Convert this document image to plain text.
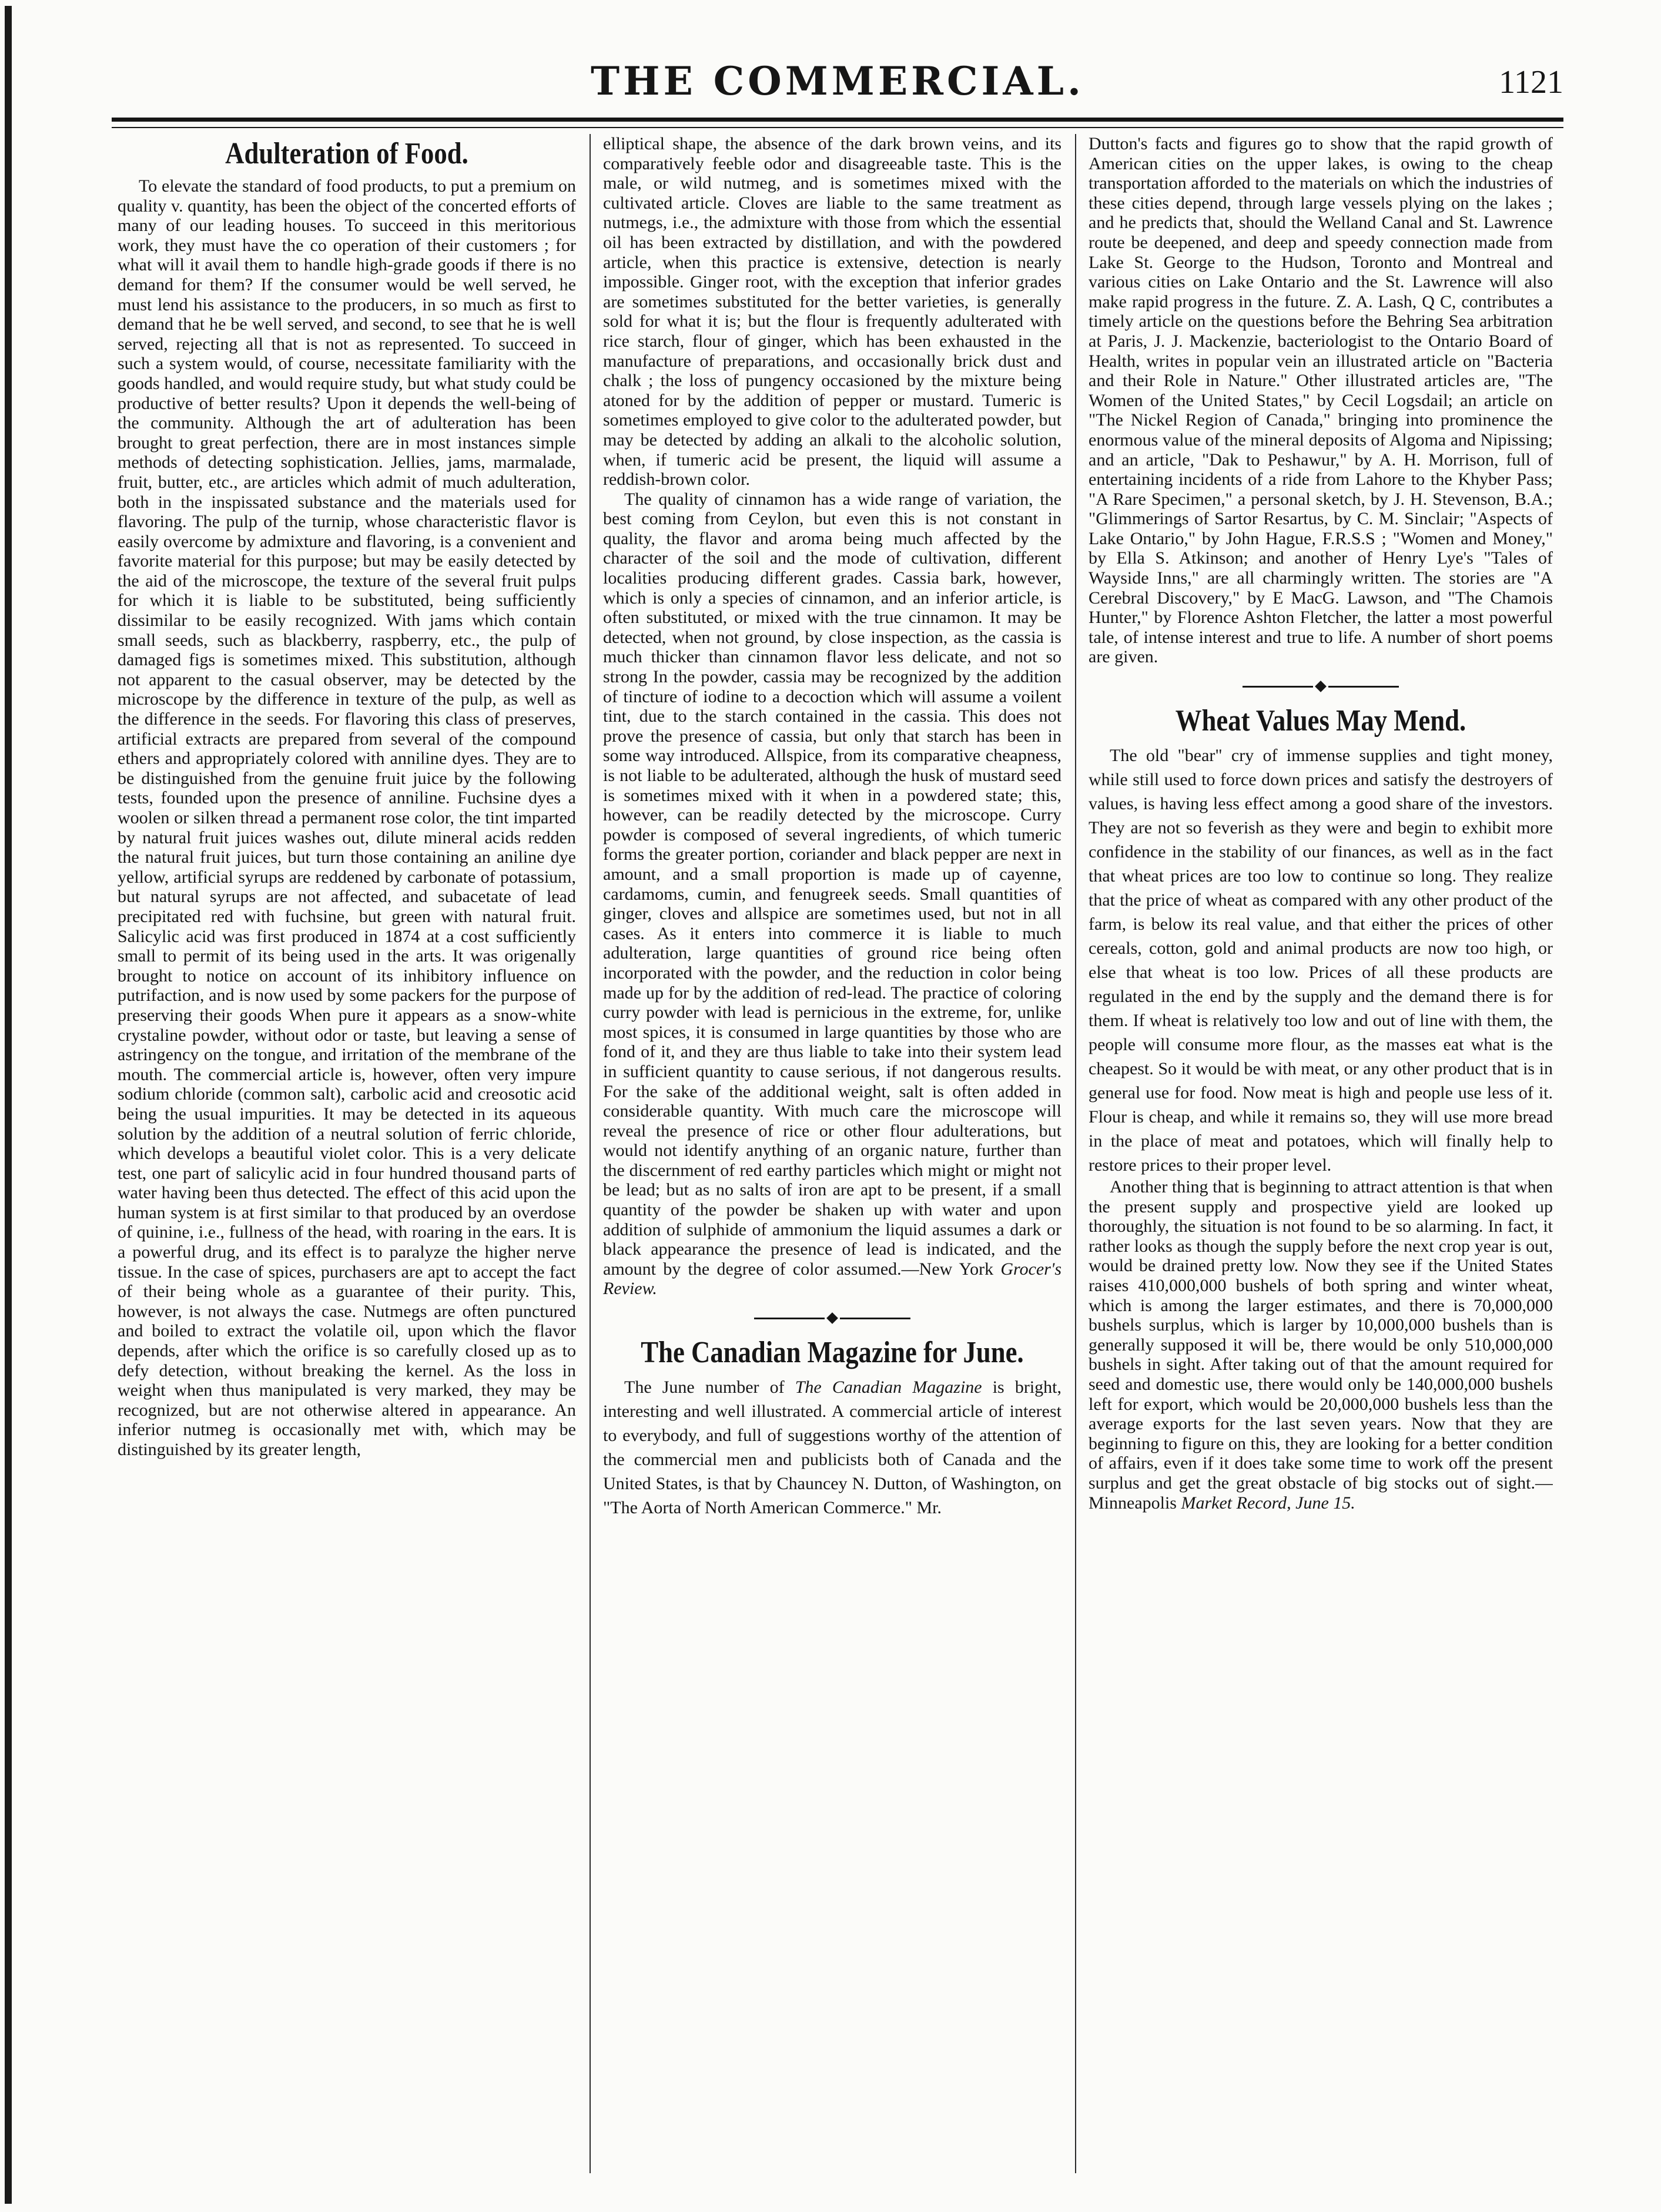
THE COMMERCIAL.	1121
Adulteration of Food.

To elevate the standard of food products, to put a premium on quality v. quantity, has been the object of the concerted efforts of many of our leading houses. To succeed in this meritorious work, they must have the co operation of their customers ; for what will it avail them to handle high-grade goods if there is no demand for them? If the consumer would be well served, he must lend his assistance to the producers, in so much as first to demand that he be well served, and second, to see that he is well served, rejecting all that is not as represented. To succeed in such a system would, of course, necessitate familiarity with the goods handled, and would require study, but what study could be productive of better results? Upon it depends the well-being of the community. Although the art of adulteration has been brought to great perfection, there are in most instances simple methods of detecting sophistication. Jellies, jams, marmalade, fruit, butter, etc., are articles which admit of much adulteration, both in the inspissated substance and the materials used for flavoring. The pulp of the turnip, whose characteristic flavor is easily overcome by admixture and flavoring, is a convenient and favorite material for this purpose; but may be easily detected by the aid of the microscope, the texture of the several fruit pulps for which it is liable to be substituted, being sufficiently dissimilar to be easily recognized. With jams which contain small seeds, such as blackberry, raspberry, etc., the pulp of damaged figs is sometimes mixed. This substitution, although not apparent to the casual observer, may be detected by the microscope by the difference in texture of the pulp, as well as the difference in the seeds. For flavoring this class of preserves, artificial extracts are prepared from several of the compound ethers and appropriately colored with anniline dyes. They are to be distinguished from the genuine fruit juice by the following tests, founded upon the presence of anniline. Fuchsine dyes a woolen or silken thread a permanent rose color, the tint imparted by natural fruit juices washes out, dilute mineral acids redden the natural fruit juices, but turn those containing an aniline dye yellow, artificial syrups are reddened by carbonate of potassium, but natural syrups are not affected, and subacetate of lead precipitated red with fuchsine, but green with natural fruit. Salicylic acid was first produced in 1874 at a cost sufficiently small to permit of its being used in the arts. It was origenally brought to notice on account of its inhibitory influence on putrifaction, and is now used by some packers for the purpose of preserving their goods When pure it appears as a snow-white crystaline powder, without odor or taste, but leaving a sense of astringency on the tongue, and irritation of the membrane of the mouth. The commercial article is, however, often very impure sodium chloride (common salt), carbolic acid and creosotic acid being the usual impurities. It may be detected in its aqueous solution by the addition of a neutral solution of ferric chloride, which develops a beautiful violet color. This is a very delicate test, one part of salicylic acid in four hundred thousand parts of water having been thus detected. The effect of this acid upon the human system is at first similar to that produced by an overdose of quinine, i.e., fullness of the head, with roaring in the ears. It is a powerful drug, and its effect is to paralyze the higher nerve tissue. In the case of spices, purchasers are apt to accept the fact of their being whole as a guarantee of their purity. This, however, is not always the case. Nutmegs are often punctured and boiled to extract the volatile oil, upon which the flavor depends, after which the orifice is so carefully closed up as to defy detection, without breaking the kernel. As the loss in weight when thus manipulated is very marked, they may be recognized, but are not otherwise altered in appearance. An inferior nutmeg is occasionally met with, which may be distinguished by its greater length,

elliptical shape, the absence of the dark brown veins, and its comparatively feeble odor and disagreeable taste. This is the male, or wild nutmeg, and is sometimes mixed with the cultivated article. Cloves are liable to the same treatment as nutmegs, i.e., the admixture with those from which the essential oil has been extracted by distillation, and with the powdered article, when this practice is extensive, detection is nearly impossible. Ginger root, with the exception that inferior grades are sometimes substituted for the better varieties, is generally sold for what it is; but the flour is frequently adulterated with rice starch, flour of ginger, which has been exhausted in the manufacture of preparations, and occasionally brick dust and chalk ; the loss of pungency occasioned by the mixture being atoned for by the addition of pepper or mustard. Tumeric is sometimes employed to give color to the adulterated powder, but may be detected by adding an alkali to the alcoholic solution, when, if tumeric acid be present, the liquid will assume a reddish-brown color.

The quality of cinnamon has a wide range of variation, the best coming from Ceylon, but even this is not constant in quality, the flavor and aroma being much affected by the character of the soil and the mode of cultivation, different localities producing different grades. Cassia bark, however, which is only a species of cinnamon, and an inferior article, is often substituted, or mixed with the true cinnamon. It may be detected, when not ground, by close inspection, as the cassia is much thicker than cinnamon flavor less delicate, and not so strong In the powder, cassia may be recognized by the addition of tincture of iodine to a decoction which will assume a voilent tint, due to the starch contained in the cassia. This does not prove the presence of cassia, but only that starch has been in some way introduced. Allspice, from its comparative cheapness, is not liable to be adulterated, although the husk of mustard seed is sometimes mixed with it when in a powdered state; this, however, can be readily detected by the microscope. Curry powder is composed of several ingredients, of which tumeric forms the greater portion, coriander and black pepper are next in amount, and a small proportion is made up of cayenne, cardamoms, cumin, and fenugreek seeds. Small quantities of ginger, cloves and allspice are sometimes used, but not in all cases. As it enters into commerce it is liable to much adulteration, large quantities of ground rice being often incorporated with the powder, and the reduction in color being made up for by the addition of red-lead. The practice of coloring curry powder with lead is pernicious in the extreme, for, unlike most spices, it is consumed in large quantities by those who are fond of it, and they are thus liable to take into their system lead in sufficient quantity to cause serious, if not dangerous results. For the sake of the additional weight, salt is often added in considerable quantity. With much care the microscope will reveal the presence of rice or other flour adulterations, but would not identify anything of an organic nature, further than the discernment of red earthy particles which might or might not be lead; but as no salts of iron are apt to be present, if a small quantity of the powder be shaken up with water and upon addition of sulphide of ammonium the liquid assumes a dark or black appearance the presence of lead is indicated, and the amount by the degree of color assumed.—New York Grocer's Review.

The Canadian Magazine for June.

The June number of The Canadian Magazine is bright, interesting and well illustrated. A commercial article of interest to everybody, and full of suggestions worthy of the attention of the commercial men and publicists both of Canada and the United States, is that by Chauncey N. Dutton, of Washington, on "The Aorta of North American Commerce." Mr.

Dutton's facts and figures go to show that the rapid growth of American cities on the upper lakes, is owing to the cheap transportation afforded to the materials on which the industries of these cities depend, through large vessels plying on the lakes ; and he predicts that, should the Welland Canal and St. Lawrence route be deepened, and deep and speedy connection made from Lake St. George to the Hudson, Toronto and Montreal and various cities on Lake Ontario and the St. Lawrence will also make rapid progress in the future. Z. A. Lash, Q C, contributes a timely article on the questions before the Behring Sea arbitration at Paris, J. J. Mackenzie, bacteriologist to the Ontario Board of Health, writes in popular vein an illustrated article on "Bacteria and their Role in Nature." Other illustrated articles are, "The Women of the United States," by Cecil Logsdail; an article on "The Nickel Region of Canada," bringing into prominence the enormous value of the mineral deposits of Algoma and Nipissing; and an article, "Dak to Peshawur," by A. H. Morrison, full of entertaining incidents of a ride from Lahore to the Khyber Pass; "A Rare Specimen," a personal sketch, by J. H. Stevenson, B.A.; "Glimmerings of Sartor Resartus, by C. M. Sinclair; "Aspects of Lake Ontario," by John Hague, F.R.S.S ; "Women and Money," by Ella S. Atkinson; and another of Henry Lye's "Tales of Wayside Inns," are all charmingly written. The stories are "A Cerebral Discovery," by E MacG. Lawson, and "The Chamois Hunter," by Florence Ashton Fletcher, the latter a most powerful tale, of intense interest and true to life. A number of short poems are given.

Wheat Values May Mend.

The old "bear" cry of immense supplies and tight money, while still used to force down prices and satisfy the destroyers of values, is having less effect among a good share of the investors. They are not so feverish as they were and begin to exhibit more confidence in the stability of our finances, as well as in the fact that wheat prices are too low to continue so long. They realize that the price of wheat as compared with any other product of the farm, is below its real value, and that either the prices of other cereals, cotton, gold and animal products are now too high, or else that wheat is too low. Prices of all these products are regulated in the end by the supply and the demand there is for them. If wheat is relatively too low and out of line with them, the people will consume more flour, as the masses eat what is the cheapest. So it would be with meat, or any other product that is in general use for food. Now meat is high and people use less of it. Flour is cheap, and while it remains so, they will use more bread in the place of meat and potatoes, which will finally help to restore prices to their proper level.

Another thing that is beginning to attract attention is that when the present supply and prospective yield are looked up thoroughly, the situation is not found to be so alarming. In fact, it rather looks as though the supply before the next crop year is out, would be drained pretty low. Now they see if the United States raises 410,000,000 bushels of both spring and winter wheat, which is among the larger estimates, and there is 70,000,000 bushels surplus, which is larger by 10,000,000 bushels than is generally supposed it will be, there would be only 510,000,000 bushels in sight. After taking out of that the amount required for seed and domestic use, there would only be 140,000,000 bushels left for export, which would be 20,000,000 bushels less than the average exports for the last seven years. Now that they are beginning to figure on this, they are looking for a better condition of affairs, even if it does take some time to work off the present surplus and get the great obstacle of big stocks out of sight.—Minneapolis Market Record, June 15.
